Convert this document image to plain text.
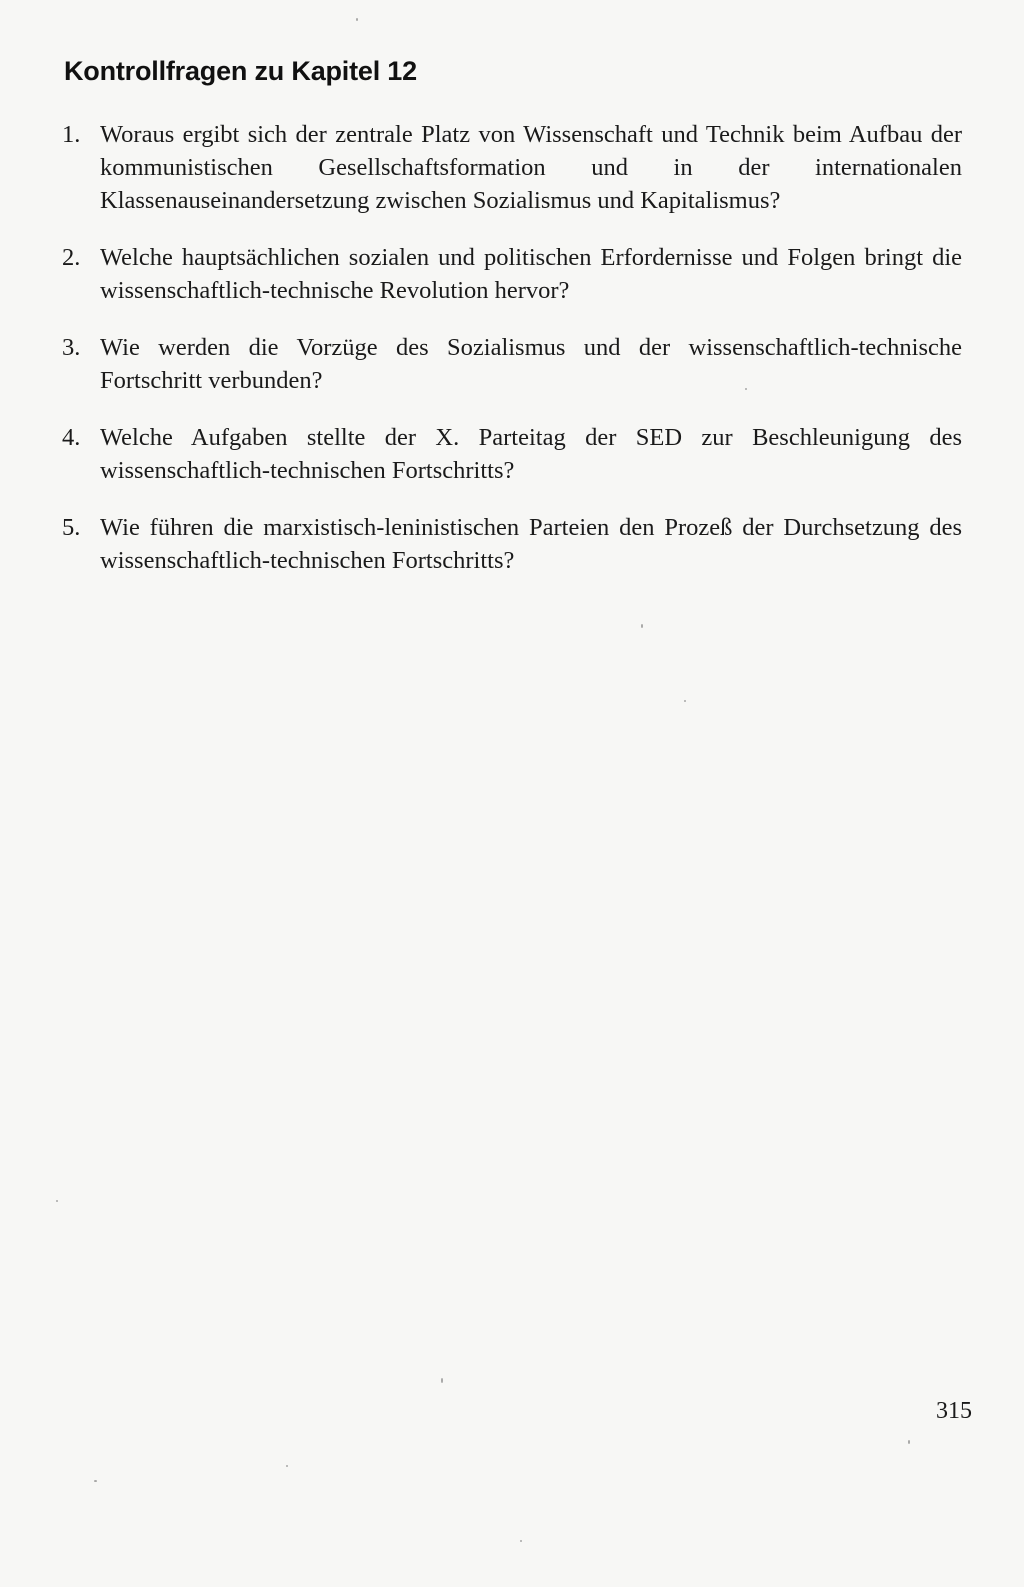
Kontrollfragen zu Kapitel 12
1. Woraus ergibt sich der zentrale Platz von Wissenschaft und Technik beim Aufbau der kommunistischen Gesellschaftsformation und in der internationalen Klassenauseinandersetzung zwischen Sozialismus und Kapitalismus?
2. Welche hauptsächlichen sozialen und politischen Erfordernisse und Folgen bringt die wissenschaftlich-technische Revolution hervor?
3. Wie werden die Vorzüge des Sozialismus und der wissenschaftlich-technische Fortschritt verbunden?
4. Welche Aufgaben stellte der X. Parteitag der SED zur Beschleunigung des wissenschaftlich-technischen Fortschritts?
5. Wie führen die marxistisch-leninistischen Parteien den Prozeß der Durchsetzung des wissenschaftlich-technischen Fortschritts?
315
